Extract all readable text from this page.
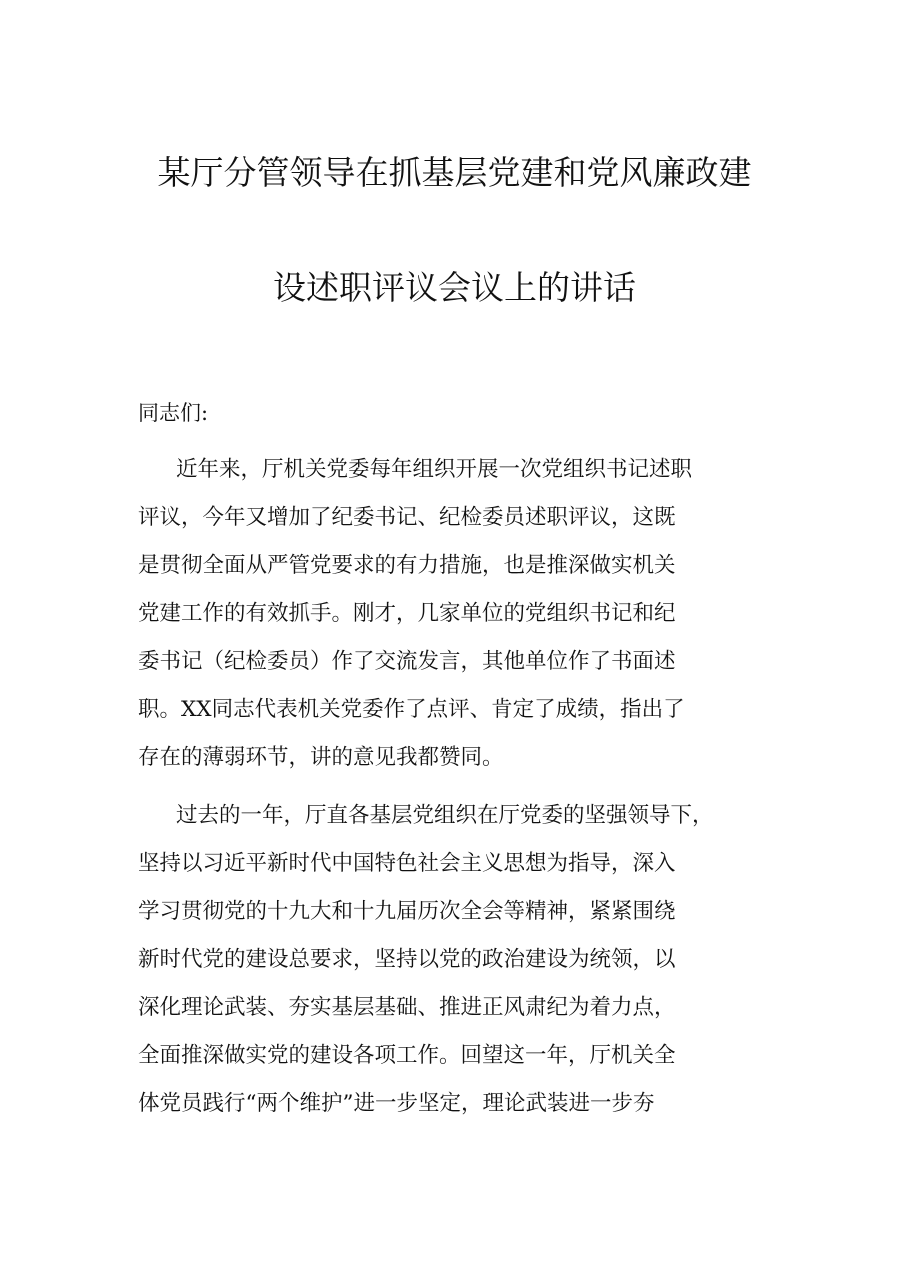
某厅分管领导在抓基层党建和党风廉政建
设述职评议会议上的讲话
同志们:
近年来，厅机关党委每年组织开展一次党组织书记述职
评议，今年又增加了纪委书记、纪检委员述职评议，这既
是贯彻全面从严管党要求的有力措施，也是推深做实机关
党建工作的有效抓手。刚才，几家单位的党组织书记和纪
委书记（纪检委员）作了交流发言，其他单位作了书面述
职。XX同志代表机关党委作了点评、肯定了成绩，指出了
存在的薄弱环节，讲的意见我都赞同。
过去的一年，厅直各基层党组织在厅党委的坚强领导下，
坚持以习近平新时代中国特色社会主义思想为指导，深入
学习贯彻党的十九大和十九届历次全会等精神，紧紧围绕
新时代党的建设总要求，坚持以党的政治建设为统领，以
深化理论武装、夯实基层基础、推进正风肃纪为着力点，
全面推深做实党的建设各项工作。回望这一年，厅机关全
体党员践行“两个维护”进一步坚定，理论武装进一步夯
